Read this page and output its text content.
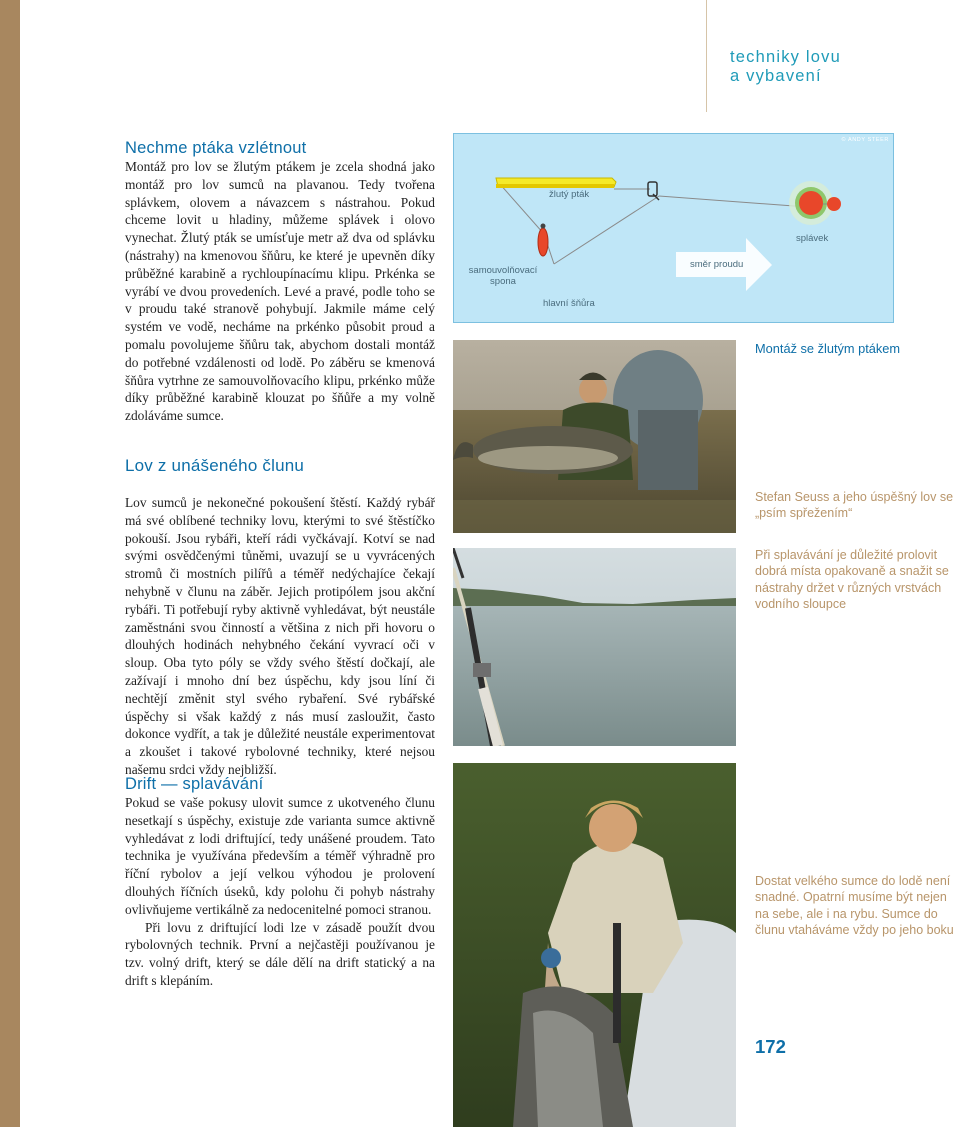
techniky lovu
a vybavení
Nechme ptáka vzlétnout

Montáž pro lov se žlutým ptákem je zcela shodná jako montáž pro lov sumců na plavanou. Tedy tvořena splávkem, olovem a návazcem s nástrahou. Pokud chceme lovit u hladiny, můžeme splávek i olovo vynechat. Žlutý pták se umísťuje metr až dva od splávku (nástrahy) na kmenovou šňůru, ke které je upevněn díky průběžné karabině a rychloupínacímu klipu. Prkénka se vyrábí ve dvou provedeních. Levé a pravé, podle toho se v proudu také stranově pohybují. Jakmile máme celý systém ve vodě, necháme na prkénko působit proud a pomalu povolujeme šňůru tak, abychom dostali montáž do potřebné vzdálenosti od lodě. Po záběru se kmenová šňůra vytrhne ze samouvolňovacího klipu, prkénko může díky průběžné karabině klouzat po šňůře a my volně zdoláváme sumce.

Lov z unášeného člunu

Lov sumců je nekonečné pokoušení štěstí. Každý rybář má své oblíbené techniky lovu, kterými to své štěstíčko pokouší. Jsou rybáři, kteří rádi vyčkávají. Kotví se nad svými osvědčenými tůněmi, uvazují se u vyvrácených stromů či mostních pilířů a téměř nedýchajíce čekají nehybně v člunu na záběr. Jejich protipólem jsou akční rybáři. Ti potřebují ryby aktivně vyhledávat, být neustále zaměstnáni svou činností a většina z nich při hovoru o dlouhých hodinách nehybného čekání vyvrací oči v sloup. Oba tyto póly se vždy svého štěstí dočkají, ale zažívají i mnoho dní bez úspěchu, kdy jsou líní či nechtějí změnit styl svého rybaření. Své rybářské úspěchy si však každý z nás musí zasloužit, často dokonce vydřít, a tak je důležité neustále experimentovat a zkoušet i takové rybolovné techniky, které nejsou našemu srdci vždy nejbližší.

Drift — splavávání

Pokud se vaše pokusy ulovit sumce z ukotveného člunu nesetkají s úspěchy, existuje zde varianta sumce aktivně vyhledávat z lodi driftující, tedy unášené proudem. Tato technika je využívána především a téměř výhradně pro říční rybolov a její velkou výhodou je prolovení dlouhých říčních úseků, kdy polohu či pohyb nástrahy ovlivňujeme vertikálně za nedocenitelné pomoci stranou.

Při lovu z driftující lodi lze v zásadě použít dvou rybolovných technik. První a nejčastěji používanou je tzv. volný drift, který se dále dělí na drift statický a na drift s klepáním.

© ANDY STEER
žlutý pták
samouvolňovací spona
hlavní šňůra
směr proudu
splávek
Montáž se žlutým ptákem
Stefan Seuss a jeho úspěšný lov se „psím spřežením“
Při splavávání je důležité prolovit dobrá místa opakovaně a snažit se nástrahy držet v různých vrstvách vodního sloupce
Dostat velkého sumce do lodě není snadné. Opatrní musíme být nejen na sebe, ale i na rybu. Sumce do člunu vtaháváme vždy po jeho boku
172
